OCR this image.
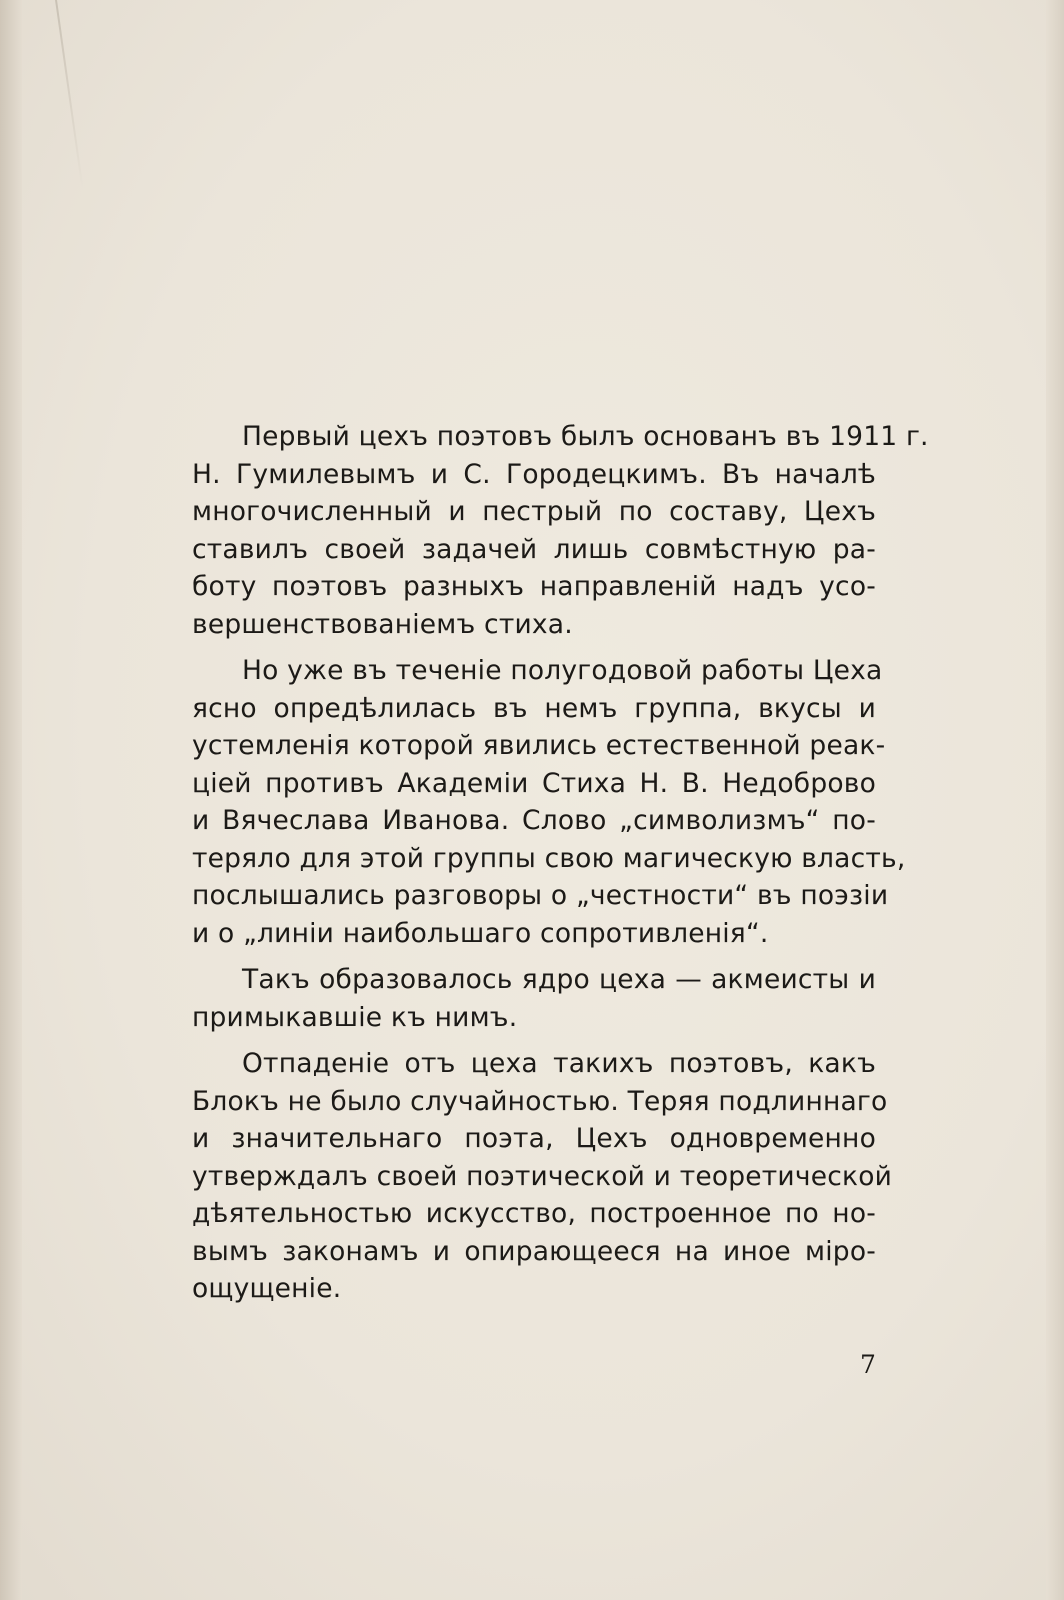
Первый цехъ поэтовъ былъ основанъ въ 1911 г.
Н. Гумилевымъ и С. Городецкимъ. Въ началѣ
многочисленный и пестрый по составу, Цехъ
ставилъ своей задачей лишь совмѣстную ра-
боту поэтовъ разныхъ направленій надъ усо-
вершенствованіемъ стиха.

Но уже въ теченіе полугодовой работы Цеха
ясно опредѣлилась въ немъ группа, вкусы и
устемленія которой явились естественной реак-
ціей противъ Академіи Стиха Н. В. Недоброво
и Вячеслава Иванова. Слово „символизмъ“ по-
теряло для этой группы свою магическую власть,
послышались разговоры о „честности“ въ поэзіи
и о „линіи наибольшаго сопротивленія“.

Такъ образовалось ядро цеха — акмеисты и
примыкавшіе къ нимъ.

Отпаденіе отъ цеха такихъ поэтовъ, какъ
Блокъ не было случайностью. Теряя подлиннаго
и значительнаго поэта, Цехъ одновременно
утверждалъ своей поэтической и теоретической
дѣятельностью искусство, построенное по но-
вымъ законамъ и опирающееся на иное міро-
ощущеніе.

7
